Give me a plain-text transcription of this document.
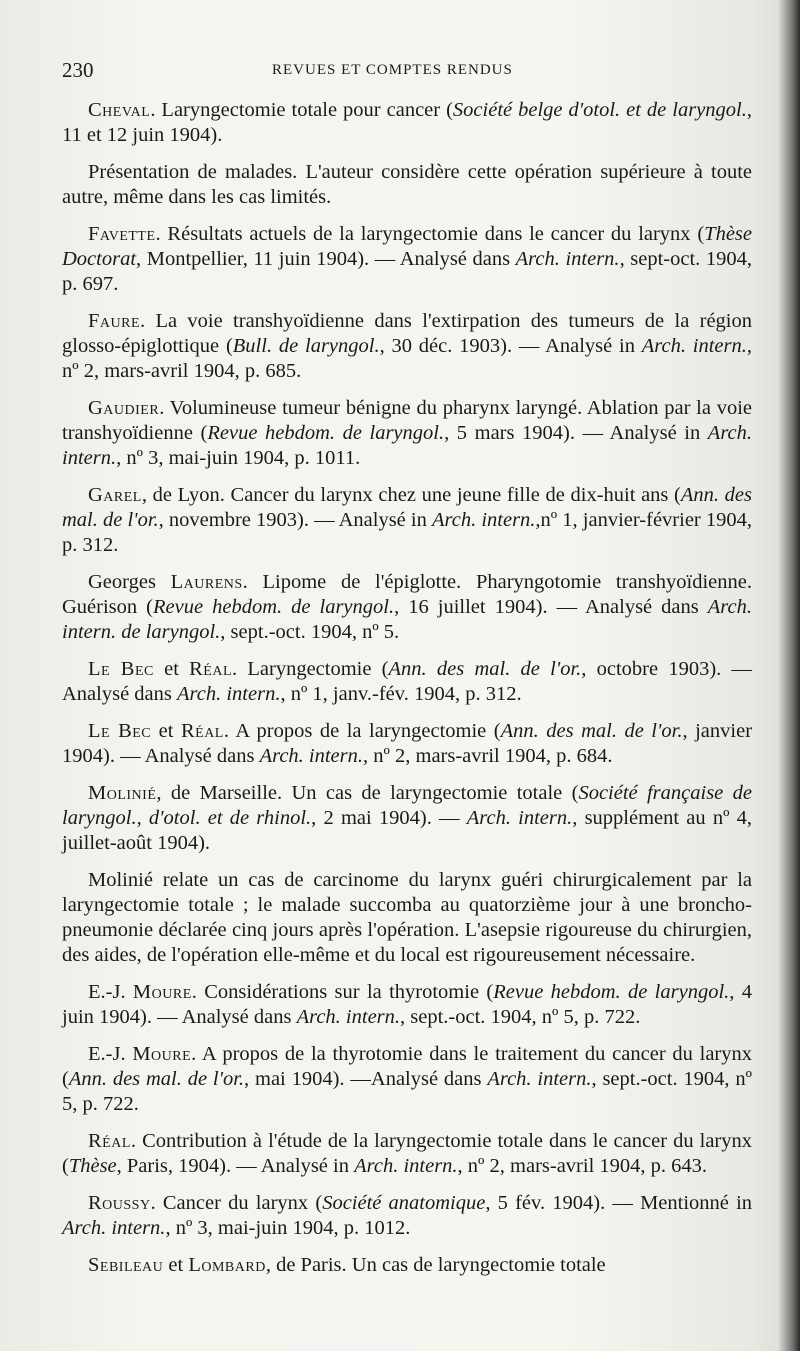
230	REVUES ET COMPTES RENDUS

Cheval. Laryngectomie totale pour cancer (Société belge d'otol. et de laryngol., 11 et 12 juin 1904).

Présentation de malades. L'auteur considère cette opération supérieure à toute autre, même dans les cas limités.

Favette. Résultats actuels de la laryngectomie dans le cancer du larynx (Thèse Doctorat, Montpellier, 11 juin 1904). — Analysé dans Arch. intern., sept-oct. 1904, p. 697.

Faure. La voie transhyoïdienne dans l'extirpation des tumeurs de la région glosso-épiglottique (Bull. de laryngol., 30 déc. 1903). — Analysé in Arch. intern., nº 2, mars-avril 1904, p. 685.

Gaudier. Volumineuse tumeur bénigne du pharynx laryngé. Ablation par la voie transhyoïdienne (Revue hebdom. de laryngol., 5 mars 1904). — Analysé in Arch. intern., nº 3, mai-juin 1904, p. 1011.

Garel, de Lyon. Cancer du larynx chez une jeune fille de dix-huit ans (Ann. des mal. de l'or., novembre 1903). — Analysé in Arch. intern.,nº 1, janvier-février 1904, p. 312.

Georges Laurens. Lipome de l'épiglotte. Pharyngotomie transhyoïdienne. Guérison (Revue hebdom. de laryngol., 16 juillet 1904). — Analysé dans Arch. intern. de laryngol., sept.-oct. 1904, nº 5.

Le Bec et Réal. Laryngectomie (Ann. des mal. de l'or., octobre 1903). — Analysé dans Arch. intern., nº 1, janv.-fév. 1904, p. 312.

Le Bec et Réal. A propos de la laryngectomie (Ann. des mal. de l'or., janvier 1904). — Analysé dans Arch. intern., nº 2, mars-avril 1904, p. 684.

Molinié, de Marseille. Un cas de laryngectomie totale (Société française de laryngol., d'otol. et de rhinol., 2 mai 1904). — Arch. intern., supplément au nº 4, juillet-août 1904).

Molinié relate un cas de carcinome du larynx guéri chirurgicalement par la laryngectomie totale ; le malade succomba au quatorzième jour à une broncho-pneumonie déclarée cinq jours après l'opération. L'asepsie rigoureuse du chirurgien, des aides, de l'opération elle-même et du local est rigoureusement nécessaire.

E.-J. Moure. Considérations sur la thyrotomie (Revue hebdom. de laryngol., 4 juin 1904). — Analysé dans Arch. intern., sept.-oct. 1904, nº 5, p. 722.

E.-J. Moure. A propos de la thyrotomie dans le traitement du cancer du larynx (Ann. des mal. de l'or., mai 1904). —Analysé dans Arch. intern., sept.-oct. 1904, nº 5, p. 722.

Réal. Contribution à l'étude de la laryngectomie totale dans le cancer du larynx (Thèse, Paris, 1904). — Analysé in Arch. intern., nº 2, mars-avril 1904, p. 643.

Roussy. Cancer du larynx (Société anatomique, 5 fév. 1904). — Mentionné in Arch. intern., nº 3, mai-juin 1904, p. 1012.

Sebileau et Lombard, de Paris. Un cas de laryngectomie totale
